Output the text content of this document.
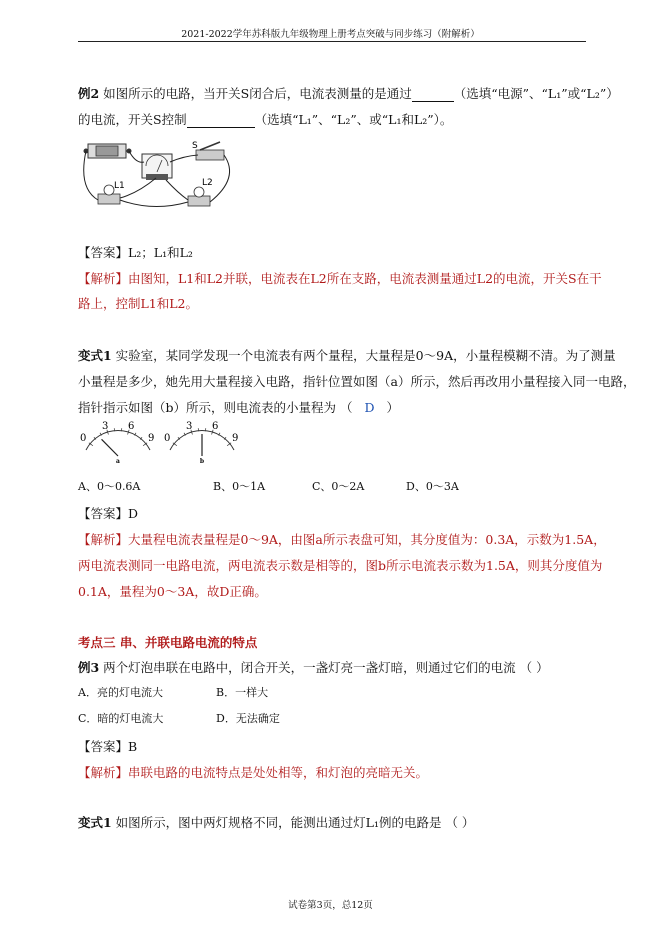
2021-2022学年苏科版九年级物理上册考点突破与同步练习（附解析）
例2 如图所示的电路，当开关S闭合后，电流表测量的是通过	（选填“电源”、“L₁”或“L₂”）
的电流，开关S控制	（选填“L₁”、“L₂”、或“L₁和L₂”）。
S
L1	L2
【答案】L₂；L₁和L₂
【解析】由图知，L1和L2并联，电流表在L2所在支路，电流表测量通过L2的电流，开关S在干
路上，控制L1和L2。
变式1 实验室，某同学发现一个电流表有两个量程，大量程是0～9A，小量程模糊不清。为了测量
小量程是多少，她先用大量程接入电路，指针位置如图（a）所示，然后再改用小量程接入同一电路，
指针指示如图（b）所示，则电流表的小量程为 （ D ）
0
3 6
9
a
0
3 6
9
b
A、0～0.6A	B、0～1A	C、0～2A	D、0～3A
【答案】D
【解析】大量程电流表量程是0～9A，由图a所示表盘可知，其分度值为：0.3A，示数为1.5A，
两电流表测同一电路电流，两电流表示数是相等的，图b所示电流表示数为1.5A，则其分度值为
0.1A，量程为0～3A，故D正确。
考点三 串、并联电路电流的特点
例3 两个灯泡串联在电路中，闭合开关，一盏灯亮一盏灯暗，则通过它们的电流 （ ）
A．亮的灯电流大	B．一样大
C．暗的灯电流大	D．无法确定
【答案】B
【解析】串联电路的电流特点是处处相等，和灯泡的亮暗无关。
变式1 如图所示，图中两灯规格不同，能测出通过灯L₁例的电路是 （ ）
试卷第3页，总12页
